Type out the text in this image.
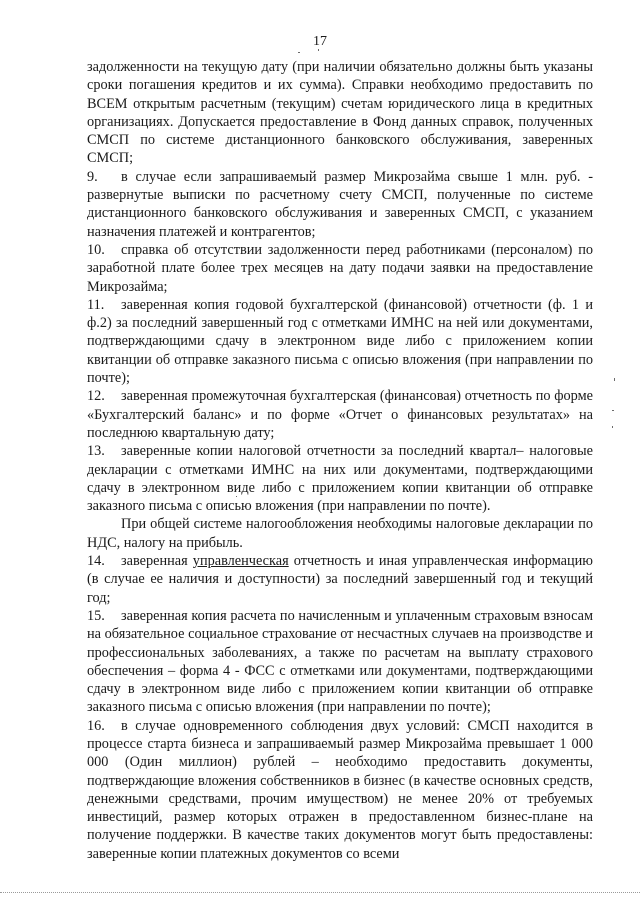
17

задолженности на текущую дату (при наличии обязательно должны быть указаны сроки погашения кредитов и их сумма). Справки необходимо предоставить по ВСЕМ открытым расчетным (текущим) счетам юридического лица в кредитных организациях. Допускается предоставление в Фонд данных справок, полученных СМСП по системе дистанционного банковского обслуживания, заверенных СМСП;

9. в случае если запрашиваемый размер Микрозайма свыше 1 млн. руб. - развернутые выписки по расчетному счету СМСП, полученные по системе дистанционного банковского обслуживания и заверенных СМСП, с указанием назначения платежей и контрагентов;

10. справка об отсутствии задолженности перед работниками (персоналом) по заработной плате более трех месяцев на дату подачи заявки на предоставление Микрозайма;

11. заверенная копия годовой бухгалтерской (финансовой) отчетности (ф. 1 и ф.2) за последний завершенный год с отметками ИМНС на ней или документами, подтверждающими сдачу в электронном виде либо с приложением копии квитанции об отправке заказного письма с описью вложения (при направлении по почте);

12. заверенная промежуточная бухгалтерская (финансовая) отчетность по форме «Бухгалтерский баланс» и по форме «Отчет о финансовых результатах» на последнюю квартальную дату;

13. заверенные копии налоговой отчетности за последний квартал– налоговые декларации с отметками ИМНС на них или документами, подтверждающими сдачу в электронном виде либо с приложением копии квитанции об отправке заказного письма с описью вложения (при направлении по почте).

При общей системе налогообложения необходимы налоговые декларации по НДС, налогу на прибыль.

14. заверенная управленческая отчетность и иная управленческая информацию (в случае ее наличия и доступности) за последний завершенный год и текущий год;

15. заверенная копия расчета по начисленным и уплаченным страховым взносам на обязательное социальное страхование от несчастных случаев на производстве и профессиональных заболеваниях, а также по расчетам на выплату страхового обеспечения – форма 4 - ФСС с отметками или документами, подтверждающими сдачу в электронном виде либо с приложением копии квитанции об отправке заказного письма с описью вложения (при направлении по почте);

16. в случае одновременного соблюдения двух условий: СМСП находится в процессе старта бизнеса и запрашиваемый размер Микрозайма превышает 1 000 000 (Один миллион) рублей – необходимо предоставить документы, подтверждающие вложения собственников в бизнес (в качестве основных средств, денежными средствами, прочим имуществом) не менее 20% от требуемых инвестиций, размер которых отражен в предоставленном бизнес-плане на получение поддержки. В качестве таких документов могут быть предоставлены: заверенные копии платежных документов со всеми
